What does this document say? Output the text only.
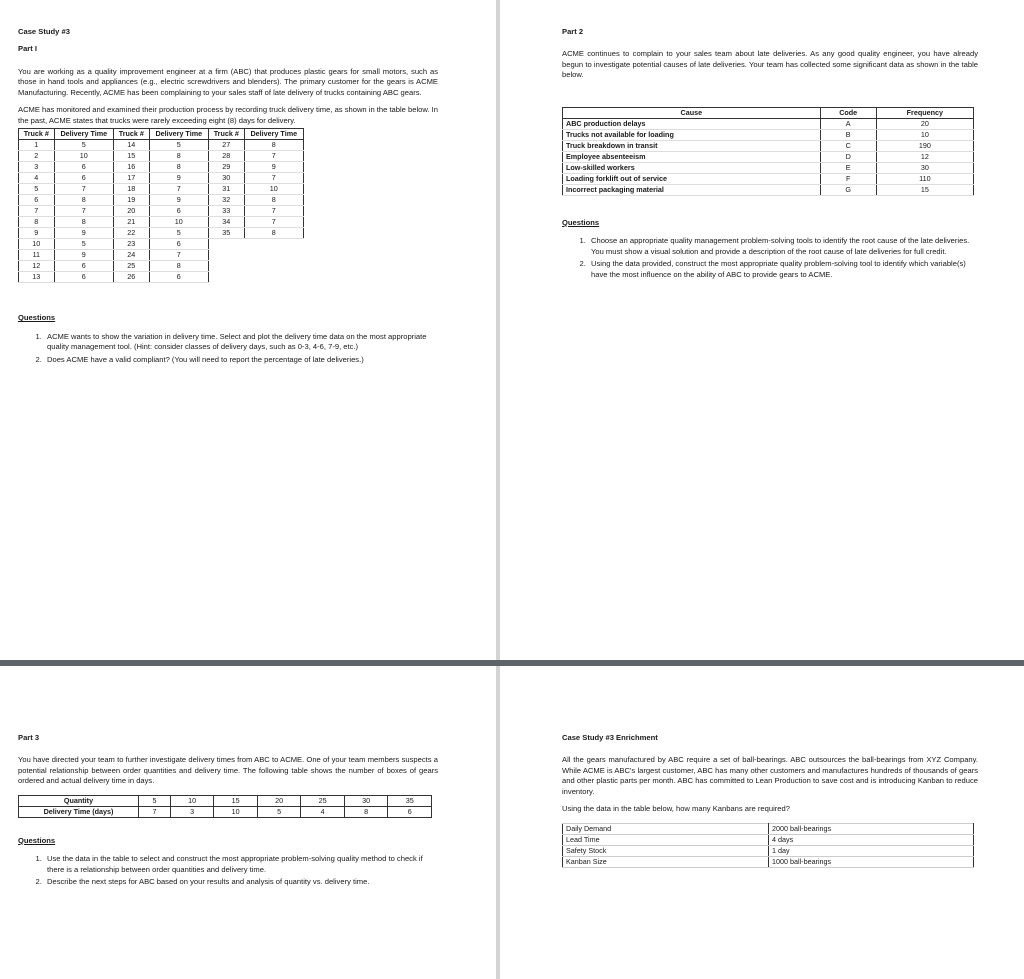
Case Study #3
Part I

You are working as a quality improvement engineer at a firm (ABC) that produces plastic gears for small motors, such as those in hand tools and appliances (e.g., electric screwdrivers and blenders). The primary customer for the gears is ACME Manufacturing. Recently, ACME has been complaining to your sales staff of late delivery of trucks containing ABC gears.

ACME has monitored and examined their production process by recording truck delivery time, as shown in the table below. In the past, ACME states that trucks were rarely exceeding eight (8) days for delivery.

Truck #	Delivery Time	Truck #	Delivery Time	Truck #	Delivery Time
1	5	14	5	27	8
2	10	15	8	28	7
3	6	16	8	29	9
4	6	17	9	30	7
5	7	18	7	31	10
6	8	19	9	32	8
7	7	20	6	33	7
8	8	21	10	34	7
9	9	22	5	35	8
10	5	23	6		
11	9	24	7		
12	6	25	8		
13	6	26	6		
Questions
1. ACME wants to show the variation in delivery time. Select and plot the delivery time data on the most appropriate quality management tool. (Hint: consider classes of delivery days, such as 0-3, 4-6, 7-9, etc.)
2. Does ACME have a valid compliant? (You will need to report the percentage of late deliveries.)
Part 2

ACME continues to complain to your sales team about late deliveries. As any good quality engineer, you have already begun to investigate potential causes of late deliveries. Your team has collected some significant data as shown in the table below.

Cause	Code	Frequency
ABC production delays	A	20
Trucks not available for loading	B	10
Truck breakdown in transit	C	190
Employee absenteeism	D	12
Low-skilled workers	E	30
Loading forklift out of service	F	110
Incorrect packaging material	G	15
Questions
1. Choose an appropriate quality management problem-solving tools to identify the root cause of the late deliveries. You must show a visual solution and provide a description of the root cause of late deliveries for full credit.
2. Using the data provided, construct the most appropriate quality problem-solving tool to identify which variable(s) have the most influence on the ability of ABC to provide gears to ACME.
Part 3

You have directed your team to further investigate delivery times from ABC to ACME. One of your team members suspects a potential relationship between order quantities and delivery time. The following table shows the number of boxes of gears ordered and actual delivery time in days.

Quantity	5	10	15	20	25	30	35
Delivery Time (days)	7	3	10	5	4	8	6
Questions
1. Use the data in the table to select and construct the most appropriate problem-solving quality method to check if there is a relationship between order quantities and delivery time.
2. Describe the next steps for ABC based on your results and analysis of quantity vs. delivery time.
Case Study #3 Enrichment

All the gears manufactured by ABC require a set of ball-bearings. ABC outsources the ball-bearings from XYZ Company. While ACME is ABC's largest customer, ABC has many other customers and manufactures hundreds of thousands of gears and other plastic parts per month. ABC has committed to Lean Production to save cost and is introducing Kanban to reduce inventory.

Using the data in the table below, how many Kanbans are required?

Daily Demand	2000 ball-bearings
Lead Time	4 days
Safety Stock	1 day
Kanban Size	1000 ball-bearings
